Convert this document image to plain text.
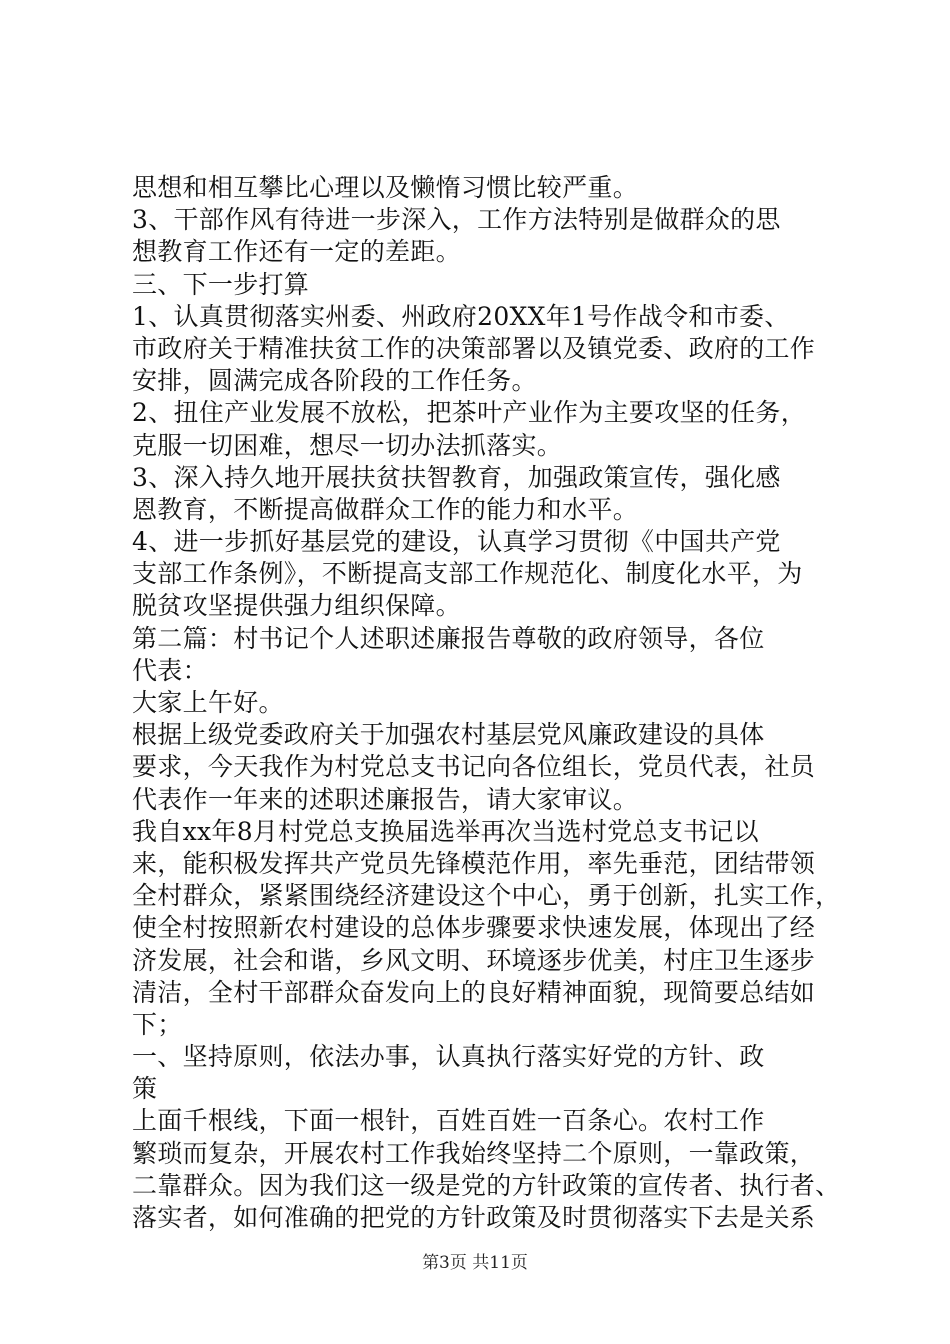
思想和相互攀比心理以及懒惰习惯比较严重。
3、干部作风有待进一步深入，工作方法特别是做群众的思
想教育工作还有一定的差距。
三、下一步打算
1、认真贯彻落实州委、州政府20XX年1号作战令和市委、
市政府关于精准扶贫工作的决策部署以及镇党委、政府的工作
安排，圆满完成各阶段的工作任务。
2、扭住产业发展不放松，把茶叶产业作为主要攻坚的任务，
克服一切困难，想尽一切办法抓落实。
3、深入持久地开展扶贫扶智教育，加强政策宣传，强化感
恩教育，不断提高做群众工作的能力和水平。
4、进一步抓好基层党的建设，认真学习贯彻《中国共产党
支部工作条例》，不断提高支部工作规范化、制度化水平，为
脱贫攻坚提供强力组织保障。
第二篇：村书记个人述职述廉报告尊敬的政府领导，各位
代表：
大家上午好。
根据上级党委政府关于加强农村基层党风廉政建设的具体
要求，今天我作为村党总支书记向各位组长，党员代表，社员
代表作一年来的述职述廉报告，请大家审议。
我自xx年8月村党总支换届选举再次当选村党总支书记以
来，能积极发挥共产党员先锋模范作用，率先垂范，团结带领
全村群众，紧紧围绕经济建设这个中心，勇于创新，扎实工作，
使全村按照新农村建设的总体步骤要求快速发展，体现出了经
济发展，社会和谐，乡风文明、环境逐步优美，村庄卫生逐步
清洁，全村干部群众奋发向上的良好精神面貌，现简要总结如
下；
一、坚持原则，依法办事，认真执行落实好党的方针、政
策
上面千根线，下面一根针，百姓百姓一百条心。农村工作
繁琐而复杂，开展农村工作我始终坚持二个原则，一靠政策，
二靠群众。因为我们这一级是党的方针政策的宣传者、执行者、
落实者，如何准确的把党的方针政策及时贯彻落实下去是关系
第3页 共11页
